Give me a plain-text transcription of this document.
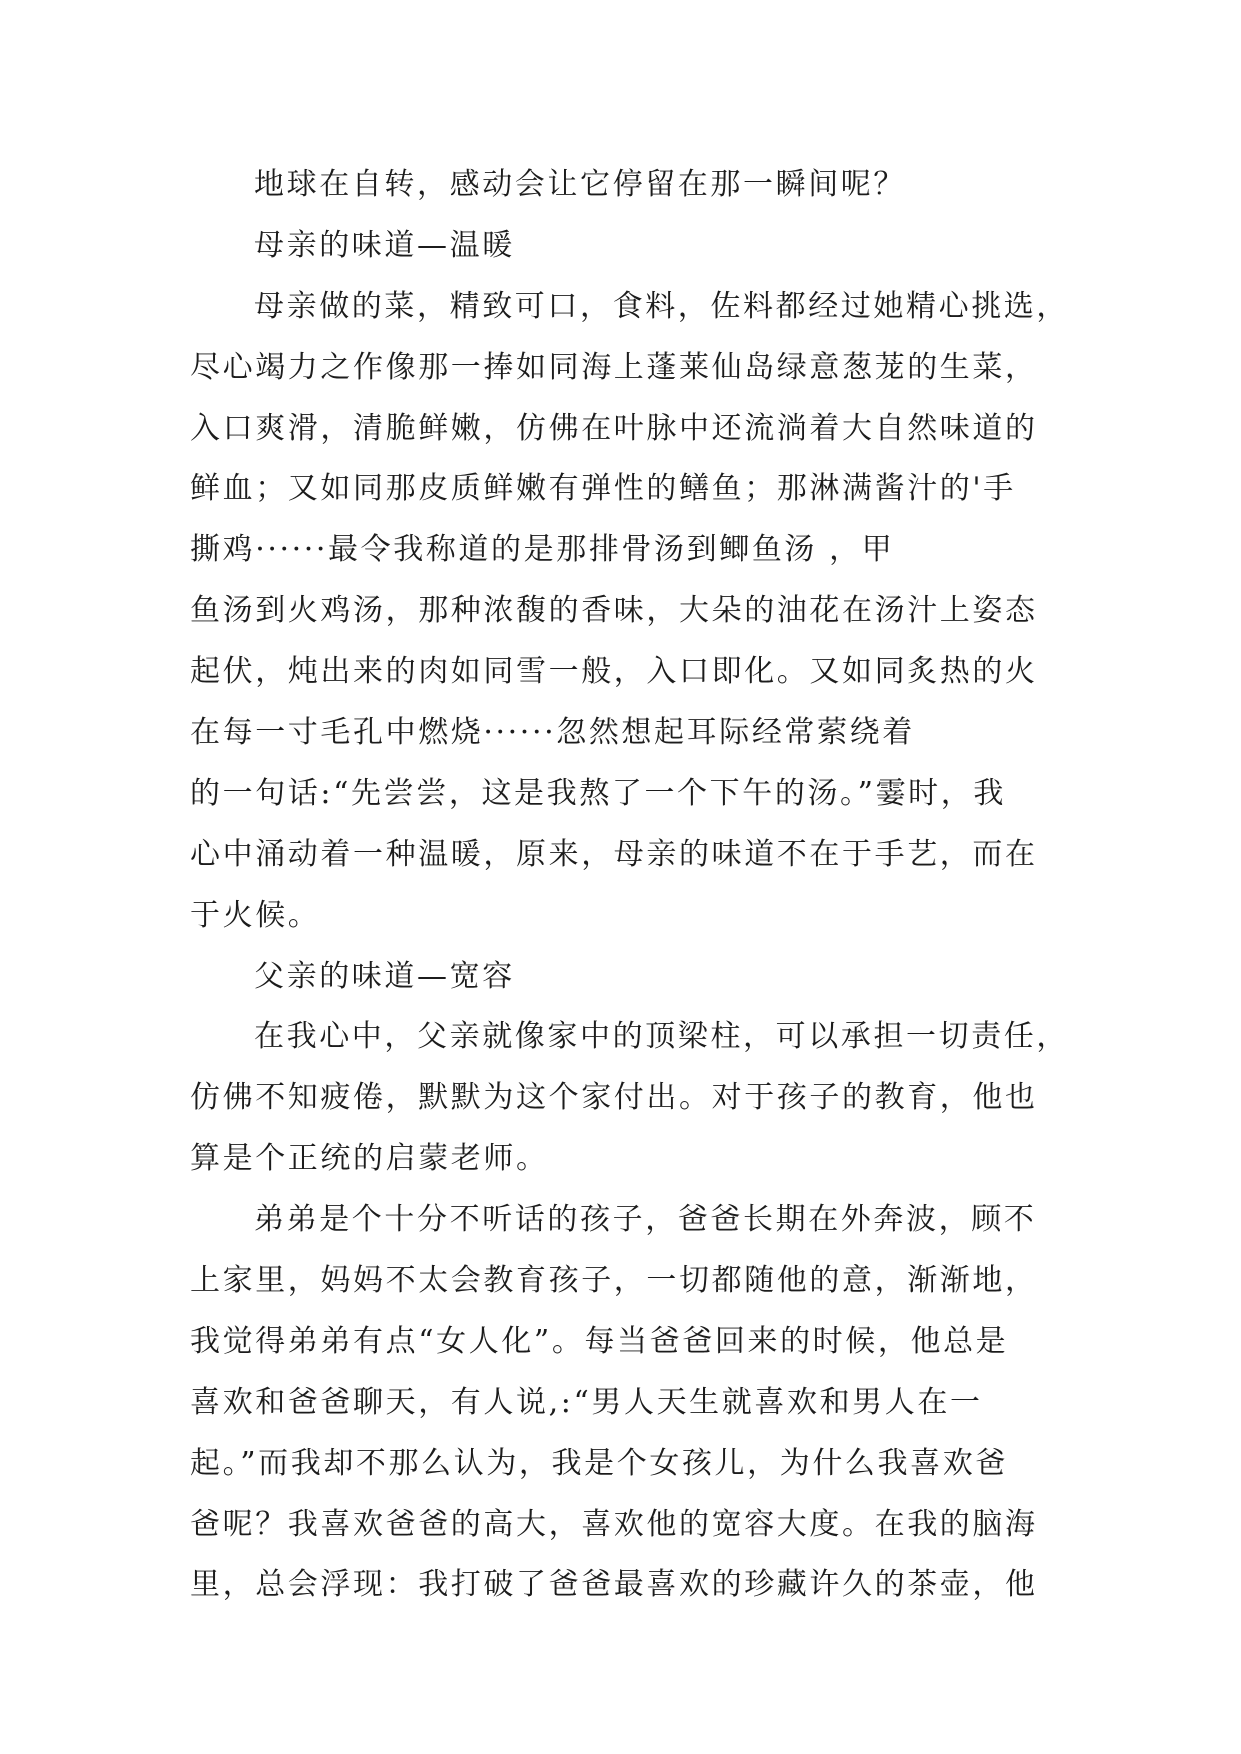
地球在自转，感动会让它停留在那一瞬间呢？
母亲的味道—温暖
母亲做的菜，精致可口，食料，佐料都经过她精心挑选，
尽心竭力之作像那一捧如同海上蓬莱仙岛绿意葱茏的生菜，
入口爽滑，清脆鲜嫩，仿佛在叶脉中还流淌着大自然味道的
鲜血；又如同那皮质鲜嫩有弹性的鳝鱼；那淋满酱汁的'手
撕鸡······最令我称道的是那排骨汤到鲫鱼汤 ，甲
鱼汤到火鸡汤，那种浓馥的香味，大朵的油花在汤汁上姿态
起伏，炖出来的肉如同雪一般，入口即化。又如同炙热的火
在每一寸毛孔中燃烧······忽然想起耳际经常萦绕着
的一句话:“先尝尝，这是我熬了一个下午的汤。”霎时，我
心中涌动着一种温暖，原来，母亲的味道不在于手艺，而在
于火候。
父亲的味道—宽容
在我心中，父亲就像家中的顶梁柱，可以承担一切责任，
仿佛不知疲倦，默默为这个家付出。对于孩子的教育，他也
算是个正统的启蒙老师。
弟弟是个十分不听话的孩子，爸爸长期在外奔波，顾不
上家里，妈妈不太会教育孩子，一切都随他的意，渐渐地，
我觉得弟弟有点“女人化”。每当爸爸回来的时候，他总是
喜欢和爸爸聊天，有人说,:“男人天生就喜欢和男人在一
起。”而我却不那么认为，我是个女孩儿，为什么我喜欢爸
爸呢？我喜欢爸爸的高大，喜欢他的宽容大度。在我的脑海
里，总会浮现：我打破了爸爸最喜欢的珍藏许久的茶壶，他
